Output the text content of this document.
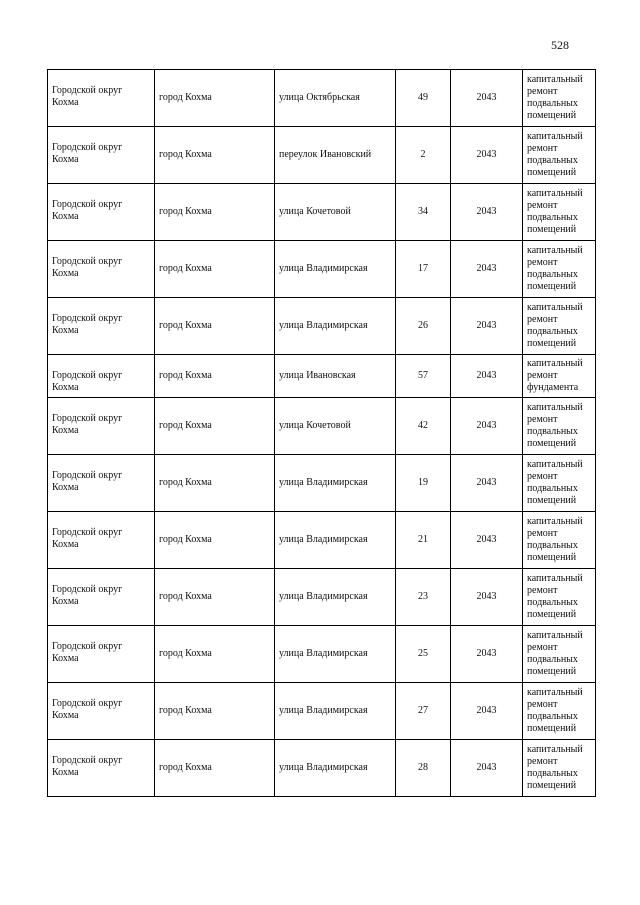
528
Городской округ Кохма	город Кохма	улица Октябрьская	49	2043	капитальный ремонт подвальных помещений
Городской округ Кохма	город Кохма	переулок Ивановский	2	2043	капитальный ремонт подвальных помещений
Городской округ Кохма	город Кохма	улица Кочетовой	34	2043	капитальный ремонт подвальных помещений
Городской округ Кохма	город Кохма	улица Владимирская	17	2043	капитальный ремонт подвальных помещений
Городской округ Кохма	город Кохма	улица Владимирская	26	2043	капитальный ремонт подвальных помещений
Городской округ Кохма	город Кохма	улица Ивановская	57	2043	капитальный ремонт фундамента
Городской округ Кохма	город Кохма	улица Кочетовой	42	2043	капитальный ремонт подвальных помещений
Городской округ Кохма	город Кохма	улица Владимирская	19	2043	капитальный ремонт подвальных помещений
Городской округ Кохма	город Кохма	улица Владимирская	21	2043	капитальный ремонт подвальных помещений
Городской округ Кохма	город Кохма	улица Владимирская	23	2043	капитальный ремонт подвальных помещений
Городской округ Кохма	город Кохма	улица Владимирская	25	2043	капитальный ремонт подвальных помещений
Городской округ Кохма	город Кохма	улица Владимирская	27	2043	капитальный ремонт подвальных помещений
Городской округ Кохма	город Кохма	улица Владимирская	28	2043	капитальный ремонт подвальных помещений
